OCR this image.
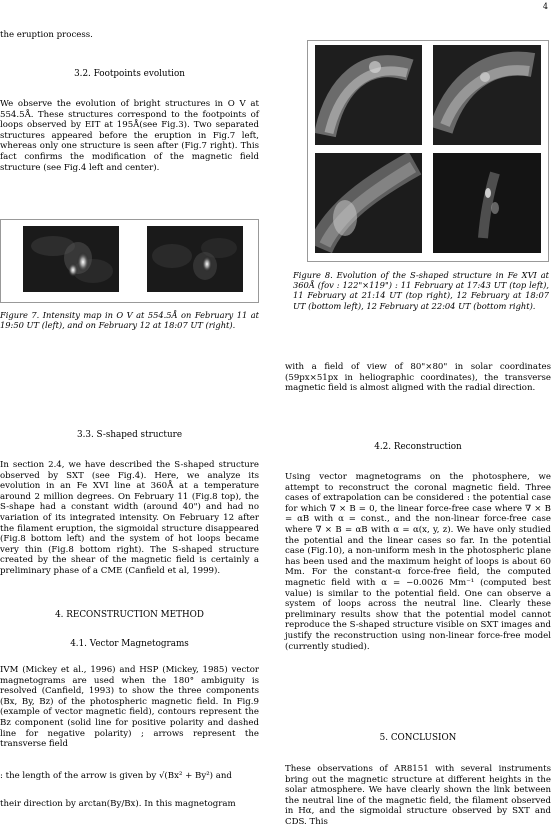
4

the eruption process.

3.2. Footpoints evolution

We observe the evolution of bright structures in O V at 554.5Å. These structures correspond to the footpoints of loops observed by EIT at 195Å(see Fig.3). Two separated structures appeared before the eruption in Fig.7 left, whereas only one structure is seen after (Fig.7 right). This fact confirms the modification of the magnetic field structure (see Fig.4 left and center).

Figure 7. Intensity map in O V at 554.5Å on February 11 at 19:50 UT (left), and on February 12 at 18:07 UT (right).

3.3. S-shaped structure

In section 2.4, we have described the S-shaped structure observed by SXT (see Fig.4). Here, we analyze its evolution in an Fe XVI line at 360Å at a temperature around 2 million degrees. On February 11 (Fig.8 top), the S-shape had a constant width (around 40") and had no variation of its integrated intensity. On February 12 after the filament eruption, the sigmoidal structure disappeared (Fig.8 bottom left) and the system of hot loops became very thin (Fig.8 bottom right). The S-shaped structure created by the shear of the magnetic field is certainly a preliminary phase of a CME (Canfield et al, 1999).

4. RECONSTRUCTION METHOD

4.1. Vector Magnetograms

IVM (Mickey et al., 1996) and HSP (Mickey, 1985) vector magnetograms are used when the 180° ambiguity is resolved (Canfield, 1993) to show the three components (Bx, By, Bz) of the photospheric magnetic field. In Fig.9 (example of vector magnetic field), contours represent the Bz component (solid line for positive polarity and dashed line for negative polarity) ; arrows represent the transverse field

: the length of the arrow is given by √(Bx² + By²) and

their direction by arctan(By/Bx). In this magnetogram

Figure 8. Evolution of the S-shaped structure in Fe XVI at 360Å (fov : 122"×119") : 11 February at 17:43 UT (top left), 11 February at 21:14 UT (top right), 12 February at 18:07 UT (bottom left), 12 February at 22:04 UT (bottom right).

with a field of view of 80"×80" in solar coordinates (59px×51px in heliographic coordinates), the transverse magnetic field is almost aligned with the radial direction.

4.2. Reconstruction

Using vector magnetograms on the photosphere, we attempt to reconstruct the coronal magnetic field. Three cases of extrapolation can be considered : the potential case for which ∇ × B = 0, the linear force-free case where ∇ × B = αB with α = const., and the non-linear force-free case where ∇ × B = αB with α = α(x, y, z). We have only studied the potential and the linear cases so far. In the potential case (Fig.10), a non-uniform mesh in the photospheric plane has been used and the maximum height of loops is about 60 Mm. For the constant-α force-free field, the computed magnetic field with α = −0.0026 Mm⁻¹ (computed best value) is similar to the potential field. One can observe a system of loops across the neutral line. Clearly these preliminary results show that the potential model cannot reproduce the S-shaped structure visible on SXT images and justify the reconstruction using non-linear force-free model (currently studied).

5. CONCLUSION

These observations of AR8151 with several instruments bring out the magnetic structure at different heights in the solar atmosphere. We have clearly shown the link between the neutral line of the magnetic field, the filament observed in Hα, and the sigmoidal structure observed by SXT and CDS. This
